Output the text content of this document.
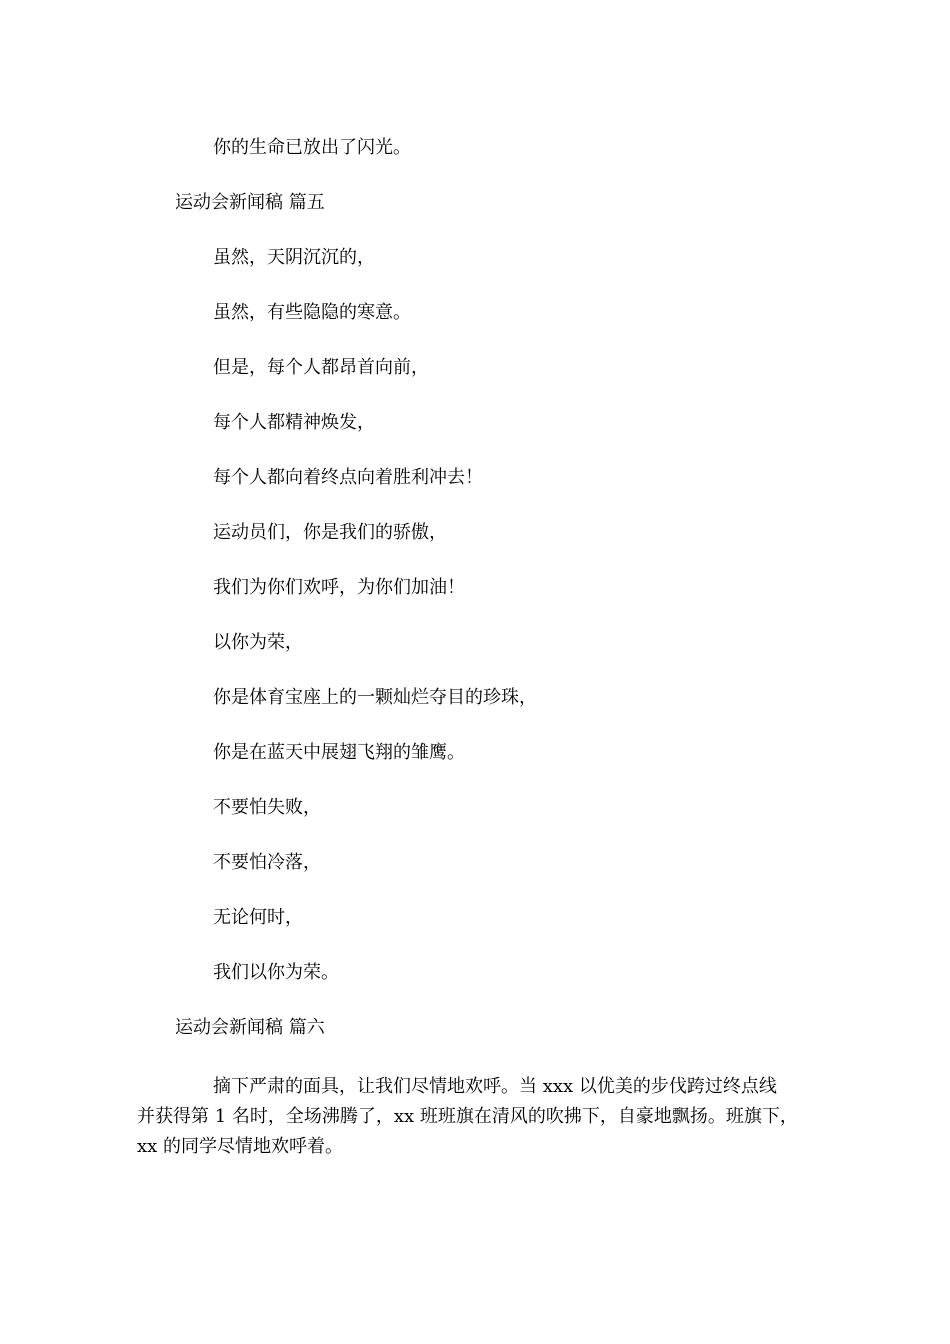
你的生命已放出了闪光。

运动会新闻稿 篇五

虽然，天阴沉沉的，

虽然，有些隐隐的寒意。

但是，每个人都昂首向前，

每个人都精神焕发，

每个人都向着终点向着胜利冲去！

运动员们，你是我们的骄傲，

我们为你们欢呼，为你们加油！

以你为荣，

你是体育宝座上的一颗灿烂夺目的珍珠，

你是在蓝天中展翅飞翔的雏鹰。

不要怕失败，

不要怕冷落，

无论何时，

我们以你为荣。

运动会新闻稿 篇六

摘下严肃的面具，让我们尽情地欢呼。当 xxx 以优美的步伐跨过终点线
并获得第 1 名时，全场沸腾了，xx 班班旗在清风的吹拂下，自豪地飘扬。班旗下，
xx 的同学尽情地欢呼着。
